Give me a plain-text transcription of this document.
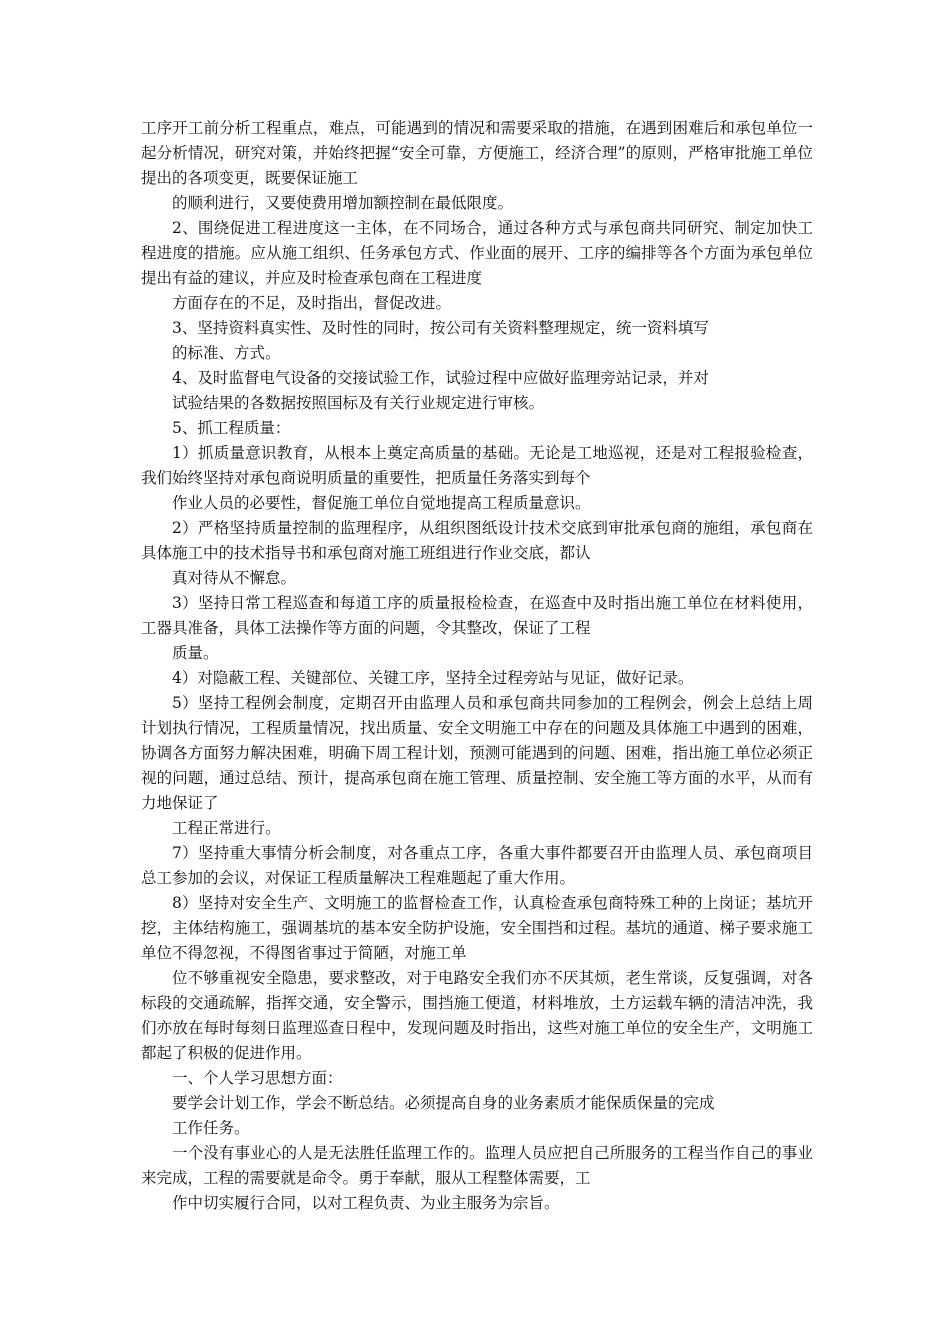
工序开工前分析工程重点，难点，可能遇到的情况和需要采取的措施，在遇到困难后和承包单位一起分析情况，研究对策，并始终把握“安全可靠，方便施工，经济合理”的原则，严格审批施工单位提出的各项变更，既要保证施工

的顺利进行，又要使费用增加额控制在最低限度。

2、围绕促进工程进度这一主体，在不同场合，通过各种方式与承包商共同研究、制定加快工程进度的措施。应从施工组织、任务承包方式、作业面的展开、工序的编排等各个方面为承包单位提出有益的建议，并应及时检查承包商在工程进度

方面存在的不足，及时指出，督促改进。

3、坚持资料真实性、及时性的同时，按公司有关资料整理规定，统一资料填写

的标准、方式。

4、及时监督电气设备的交接试验工作，试验过程中应做好监理旁站记录，并对

试验结果的各数据按照国标及有关行业规定进行审核。

5、抓工程质量：

1）抓质量意识教育，从根本上奠定高质量的基础。无论是工地巡视，还是对工程报验检查，我们始终坚持对承包商说明质量的重要性，把质量任务落实到每个

作业人员的必要性，督促施工单位自觉地提高工程质量意识。

2）严格坚持质量控制的监理程序，从组织图纸设计技术交底到审批承包商的施组，承包商在具体施工中的技术指导书和承包商对施工班组进行作业交底，都认

真对待从不懈怠。

3）坚持日常工程巡查和每道工序的质量报检检查，在巡查中及时指出施工单位在材料使用，工器具准备，具体工法操作等方面的问题，令其整改，保证了工程

质量。

4）对隐蔽工程、关键部位、关键工序，坚持全过程旁站与见证，做好记录。

5）坚持工程例会制度，定期召开由监理人员和承包商共同参加的工程例会，例会上总结上周计划执行情况，工程质量情况，找出质量、安全文明施工中存在的问题及具体施工中遇到的困难，协调各方面努力解决困难，明确下周工程计划，预测可能遇到的问题、困难，指出施工单位必须正视的问题，通过总结、预计，提高承包商在施工管理、质量控制、安全施工等方面的水平，从而有力地保证了

工程正常进行。

7）坚持重大事情分析会制度，对各重点工序，各重大事件都要召开由监理人员、承包商项目总工参加的会议，对保证工程质量解决工程难题起了重大作用。

8）坚持对安全生产、文明施工的监督检查工作，认真检查承包商特殊工种的上岗证；基坑开挖，主体结构施工，强调基坑的基本安全防护设施，安全围挡和过程。基坑的通道、梯子要求施工单位不得忽视，不得图省事过于简陋，对施工单

位不够重视安全隐患，要求整改，对于电路安全我们亦不厌其烦，老生常谈，反复强调，对各标段的交通疏解，指挥交通，安全警示，围挡施工便道，材料堆放，土方运载车辆的清洁冲洗，我们亦放在每时每刻日监理巡查日程中，发现问题及时指出，这些对施工单位的安全生产，文明施工都起了积极的促进作用。

一、个人学习思想方面：

要学会计划工作，学会不断总结。必须提高自身的业务素质才能保质保量的完成

工作任务。

一个没有事业心的人是无法胜任监理工作的。监理人员应把自己所服务的工程当作自己的事业来完成，工程的需要就是命令。勇于奉献，服从工程整体需要，工

作中切实履行合同，以对工程负责、为业主服务为宗旨。
